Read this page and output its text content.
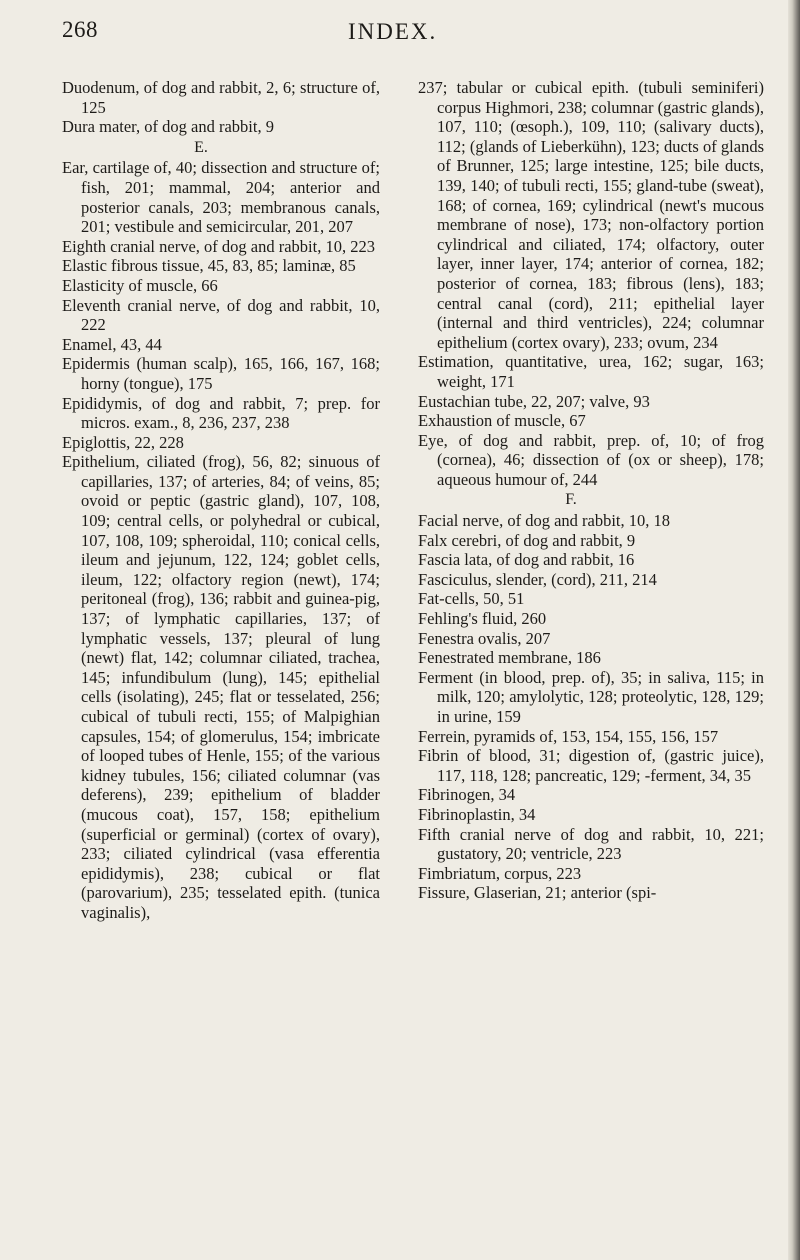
268	INDEX.

Duodenum, of dog and rabbit, 2, 6; structure of, 125

Dura mater, of dog and rabbit, 9

E.

Ear, cartilage of, 40; dissection and structure of; fish, 201; mammal, 204; anterior and posterior canals, 203; membranous canals, 201; vestibule and semicircular, 201, 207

Eighth cranial nerve, of dog and rabbit, 10, 223

Elastic fibrous tissue, 45, 83, 85; laminæ, 85

Elasticity of muscle, 66

Eleventh cranial nerve, of dog and rabbit, 10, 222

Enamel, 43, 44

Epidermis (human scalp), 165, 166, 167, 168; horny (tongue), 175

Epididymis, of dog and rabbit, 7; prep. for micros. exam., 8, 236, 237, 238

Epiglottis, 22, 228

Epithelium, ciliated (frog), 56, 82; sinuous of capillaries, 137; of arteries, 84; of veins, 85; ovoid or peptic (gastric gland), 107, 108, 109; central cells, or polyhedral or cubical, 107, 108, 109; spheroidal, 110; conical cells, ileum and jejunum, 122, 124; goblet cells, ileum, 122; olfactory region (newt), 174; peritoneal (frog), 136; rabbit and guinea-pig, 137; of lymphatic capillaries, 137; of lymphatic vessels, 137; pleural of lung (newt) flat, 142; columnar ciliated, trachea, 145; infundibulum (lung), 145; epithelial cells (isolating), 245; flat or tesselated, 256; cubical of tubuli recti, 155; of Malpighian capsules, 154; of glomerulus, 154; imbricate of looped tubes of Henle, 155; of the various kidney tubules, 156; ciliated columnar (vas deferens), 239; epithelium of bladder (mucous coat), 157, 158; epithelium (superficial or germinal) (cortex of ovary), 233; ciliated cylindrical (vasa efferentia epididymis), 238; cubical or flat (parovarium), 235; tesselated epith. (tunica vaginalis),

237; tabular or cubical epith. (tubuli seminiferi) corpus Highmori, 238; columnar (gastric glands), 107, 110; (œsoph.), 109, 110; (salivary ducts), 112; (glands of Lieberkühn), 123; ducts of glands of Brunner, 125; large intestine, 125; bile ducts, 139, 140; of tubuli recti, 155; gland-tube (sweat), 168; of cornea, 169; cylindrical (newt's mucous membrane of nose), 173; non-olfactory portion cylindrical and ciliated, 174; olfactory, outer layer, inner layer, 174; anterior of cornea, 182; posterior of cornea, 183; fibrous (lens), 183; central canal (cord), 211; epithelial layer (internal and third ventricles), 224; columnar epithelium (cortex ovary), 233; ovum, 234

Estimation, quantitative, urea, 162; sugar, 163; weight, 171

Eustachian tube, 22, 207; valve, 93

Exhaustion of muscle, 67

Eye, of dog and rabbit, prep. of, 10; of frog (cornea), 46; dissection of (ox or sheep), 178; aqueous humour of, 244

F.

Facial nerve, of dog and rabbit, 10, 18

Falx cerebri, of dog and rabbit, 9

Fascia lata, of dog and rabbit, 16

Fasciculus, slender, (cord), 211, 214

Fat-cells, 50, 51

Fehling's fluid, 260

Fenestra ovalis, 207

Fenestrated membrane, 186

Ferment (in blood, prep. of), 35; in saliva, 115; in milk, 120; amylolytic, 128; proteolytic, 128, 129; in urine, 159

Ferrein, pyramids of, 153, 154, 155, 156, 157

Fibrin of blood, 31; digestion of, (gastric juice), 117, 118, 128; pancreatic, 129; -ferment, 34, 35

Fibrinogen, 34

Fibrinoplastin, 34

Fifth cranial nerve of dog and rabbit, 10, 221; gustatory, 20; ventricle, 223

Fimbriatum, corpus, 223

Fissure, Glaserian, 21; anterior (spi-
